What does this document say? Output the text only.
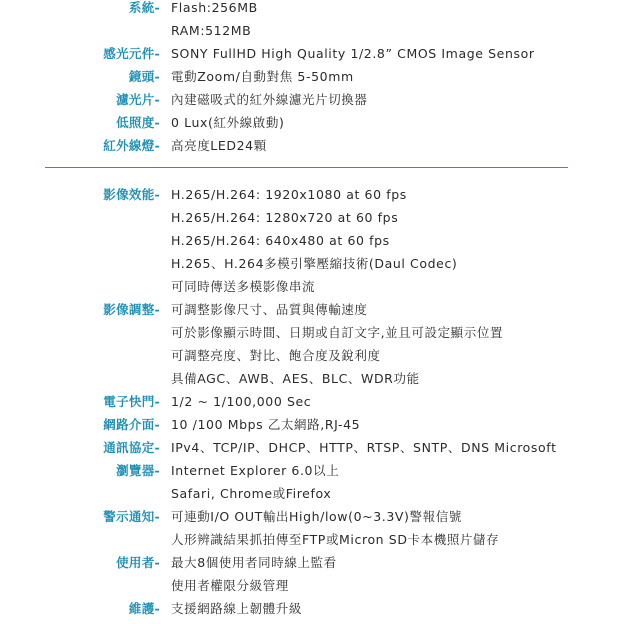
系統- Flash:256MB
RAM:512MB
感光元件- SONY FullHD High Quality 1/2.8” CMOS Image Sensor
鏡頭- 電動Zoom/自動對焦 5-50mm
濾光片- 內建磁吸式的紅外線濾光片切換器
低照度- 0 Lux(紅外線啟動)
紅外線燈- 高亮度LED24顆
影像效能- H.265/H.264: 1920x1080 at 60 fps
H.265/H.264: 1280x720 at 60 fps
H.265/H.264: 640x480 at 60 fps
H.265、H.264多模引擎壓縮技術(Daul Codec)
可同時傳送多模影像串流
影像調整- 可調整影像尺寸、品質與傳輸速度
可於影像顯示時間、日期或自訂文字,並且可設定顯示位置
可調整亮度、對比、飽合度及銳利度
具備AGC、AWB、AES、BLC、WDR功能
電子快門- 1/2 ~ 1/100,000 Sec
網路介面- 10 /100 Mbps 乙太網路,RJ-45
通訊協定- IPv4、TCP/IP、DHCP、HTTP、RTSP、SNTP、DNS Microsoft
瀏覽器- Internet Explorer 6.0以上
Safari, Chrome或Firefox
警示通知- 可連動I/O OUT輸出High/low(0~3.3V)警報信號
人形辨識結果抓拍傳至FTP或Micron SD卡本機照片儲存
使用者- 最大8個使用者同時線上監看
使用者權限分級管理
維護- 支援網路線上韌體升級
